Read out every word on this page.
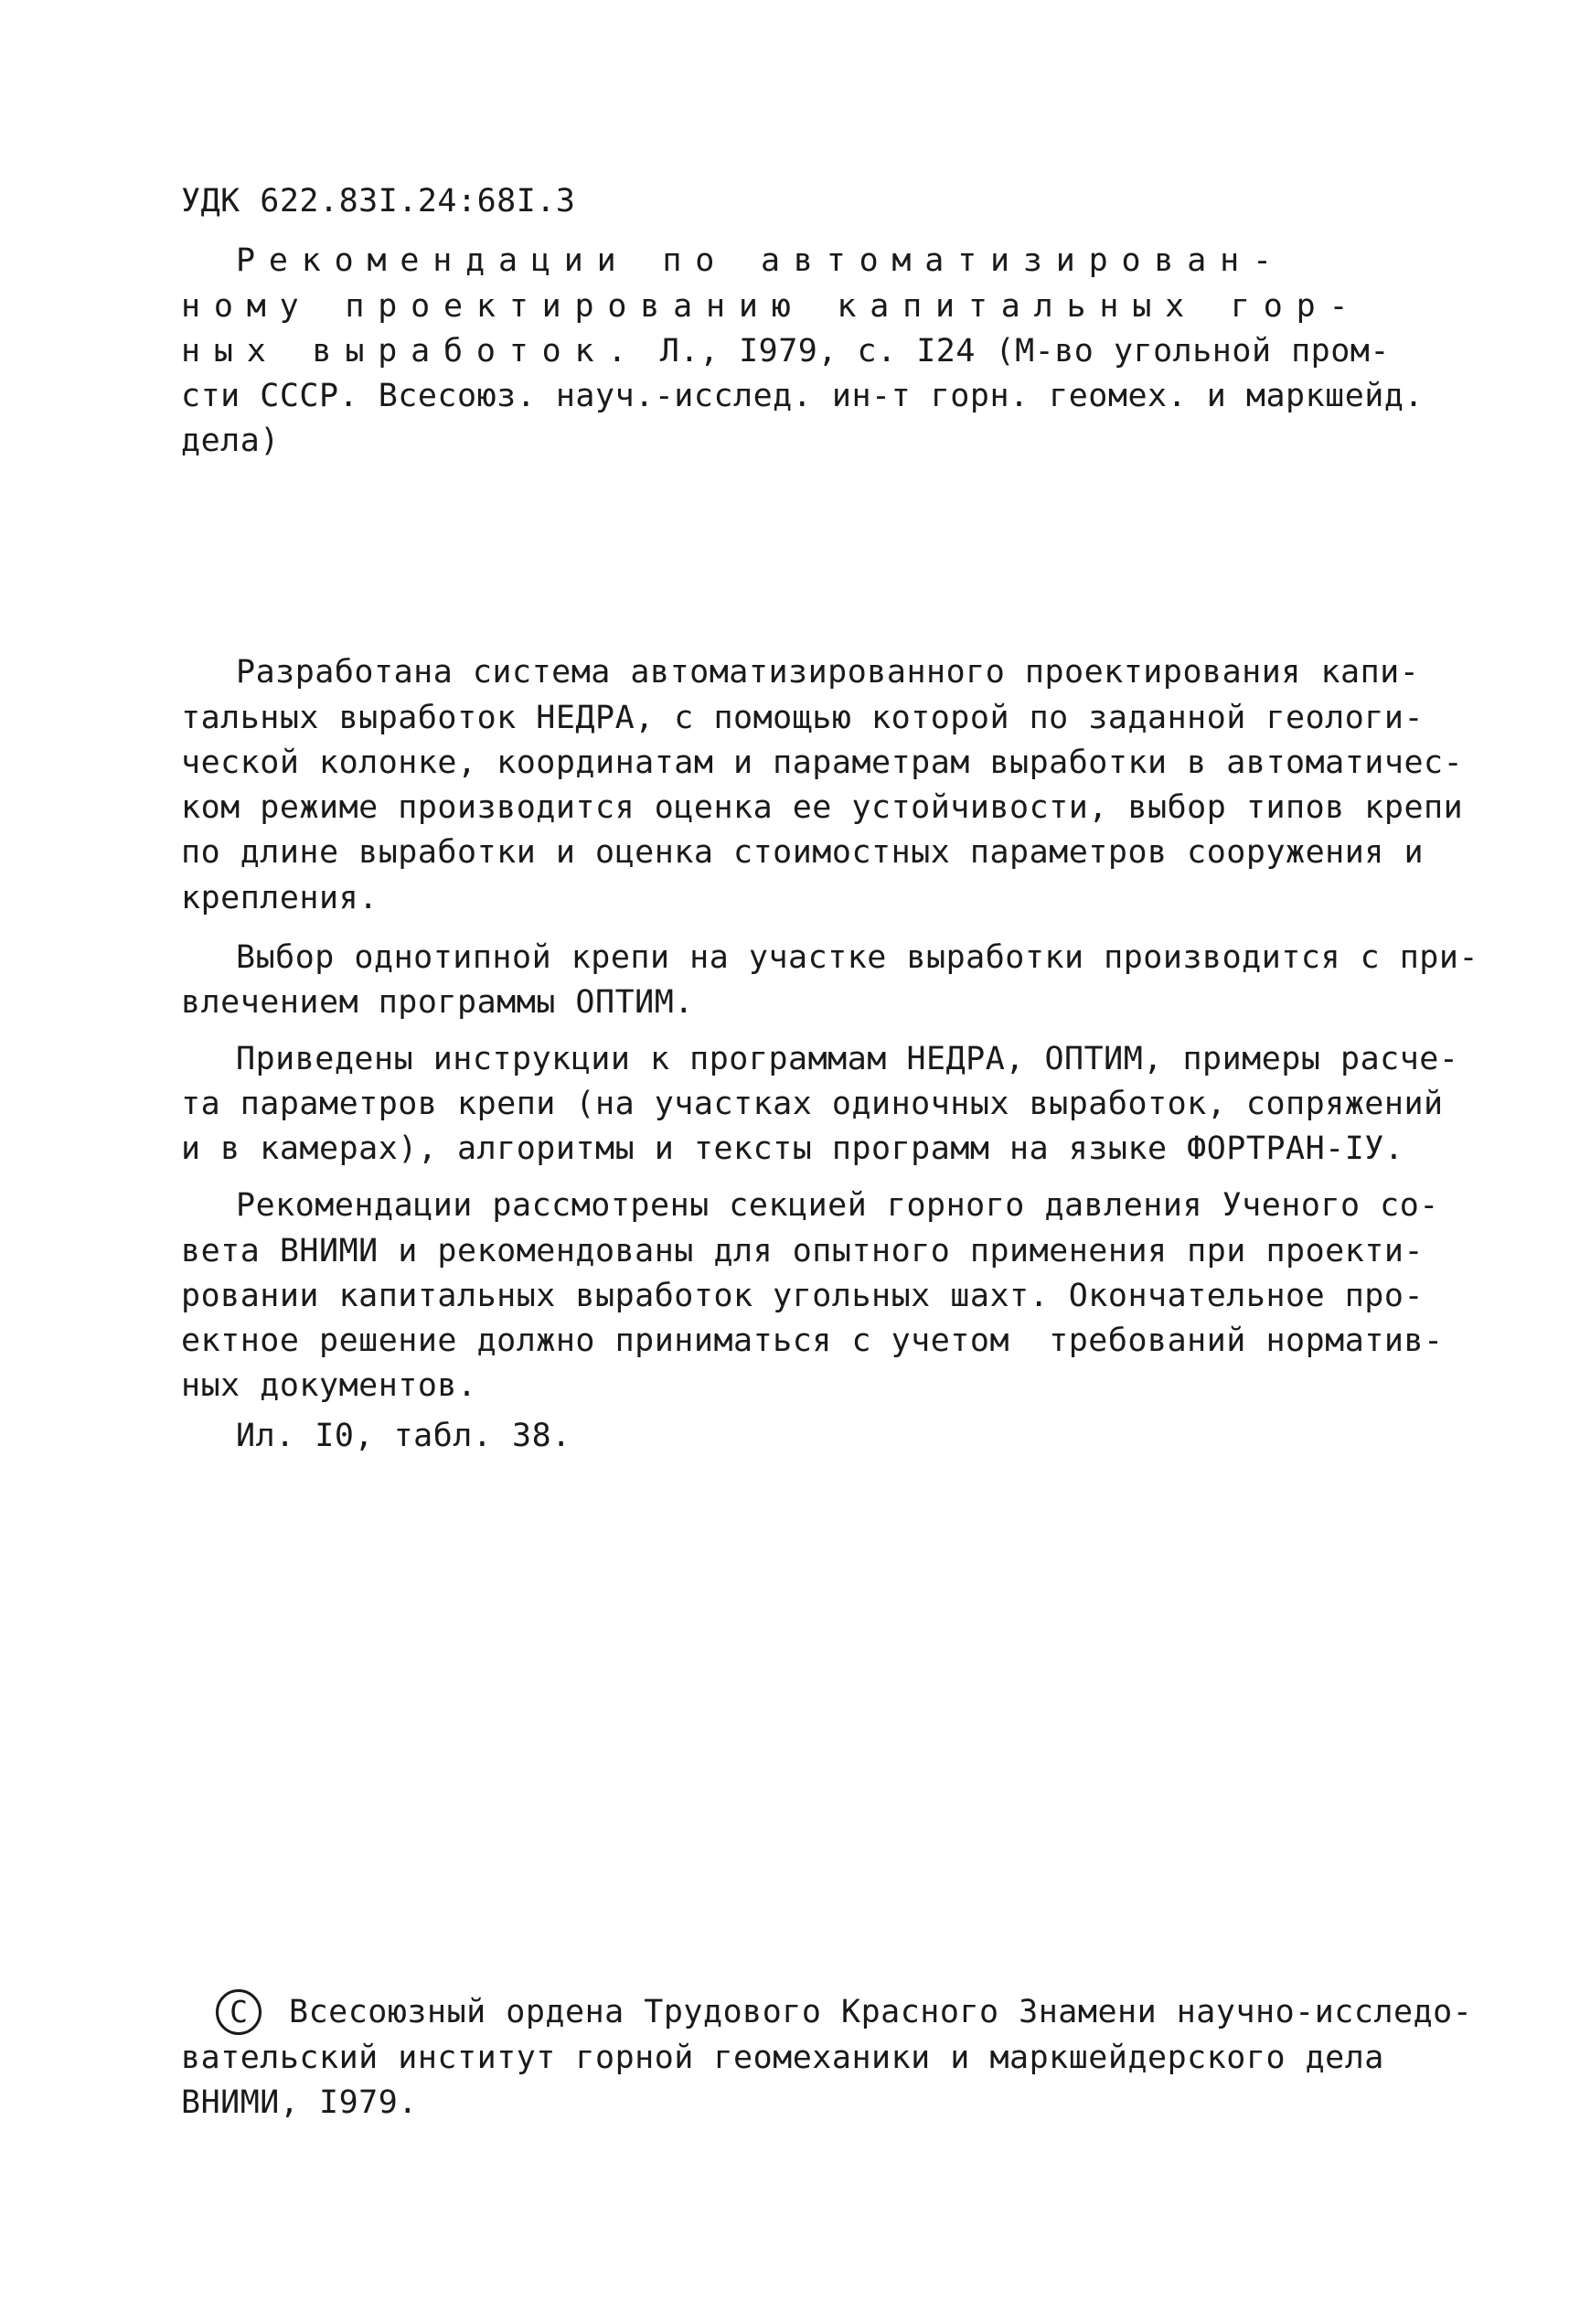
УДК 622.83I.24:68I.3
Рекомендации по автоматизирован-
ному проектированию капитальных гор-
ных выработок. Л., I979, с. I24 (М-во угольной пром-
сти СССР. Всесоюз. науч.-исслед. ин-т горн. геомех. и маркшейд.
дела)
Разработана система автоматизированного проектирования капи-
тальных выработок НЕДРА, с помощью которой по заданной геологи-
ческой колонке, координатам и параметрам выработки в автоматичес-
ком режиме производится оценка ее устойчивости, выбор типов крепи
по длине выработки и оценка стоимостных параметров сооружения и
крепления.
Выбор однотипной крепи на участке выработки производится с при-
влечением программы ОПТИМ.
Приведены инструкции к программам НЕДРА, ОПТИМ, примеры расче-
та параметров крепи (на участках одиночных выработок, сопряжений
и в камерах), алгоритмы и тексты программ на языке ФОРТРАН-IУ.
Рекомендации рассмотрены секцией горного давления Ученого со-
вета ВНИМИ и рекомендованы для опытного применения при проекти-
ровании капитальных выработок угольных шахт. Окончательное про-
ектное решение должно приниматься с учетом  требований норматив-
ных документов.
Ил. I0, табл. 38.
С	Всесоюзный ордена Трудового Красного Знамени научно-исследо-
вательский институт горной геомеханики и маркшейдерского дела
ВНИМИ, I979.
